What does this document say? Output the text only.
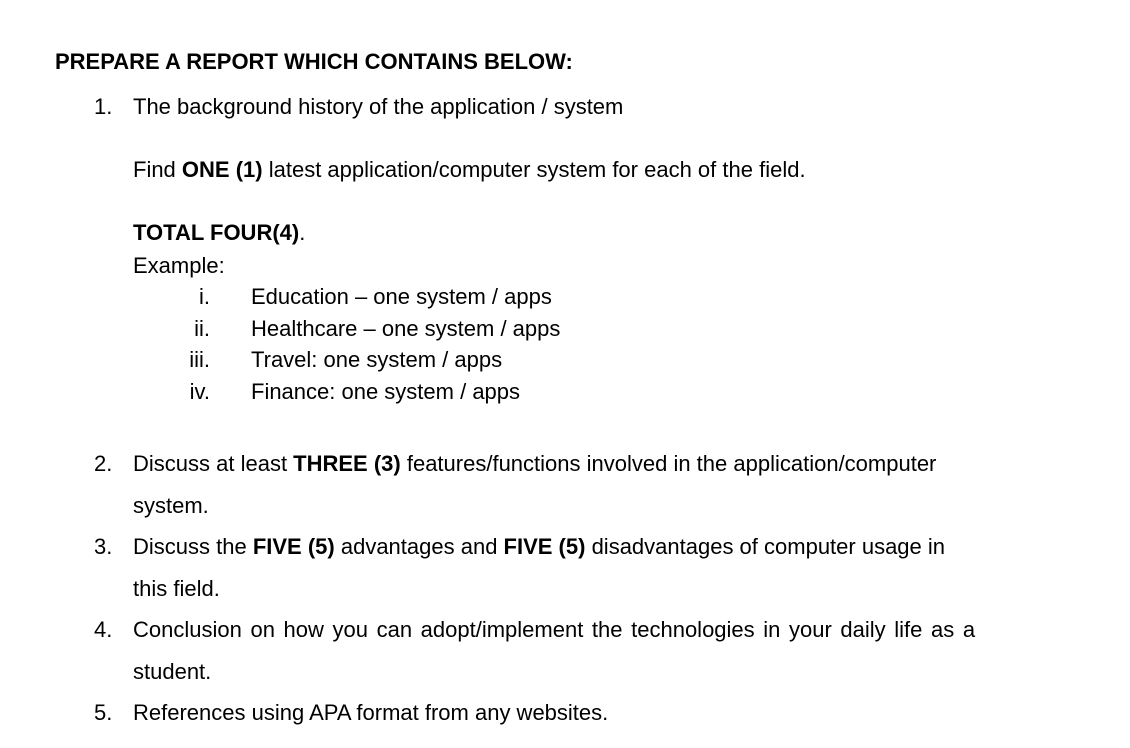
PREPARE A REPORT WHICH CONTAINS BELOW:
1. The background history of the application / system
Find ONE (1) latest application/computer system for each of the field.
TOTAL FOUR(4).
Example:
i. Education – one system / apps
ii. Healthcare – one system / apps
iii. Travel: one system / apps
iv. Finance: one system / apps
2. Discuss at least THREE (3) features/functions involved in the application/computer
system.
3. Discuss the FIVE (5) advantages and FIVE (5) disadvantages of computer usage in
this field.
4. Conclusion on how you can adopt/implement the technologies in your daily life as a
student.
5. References using APA format from any websites.
